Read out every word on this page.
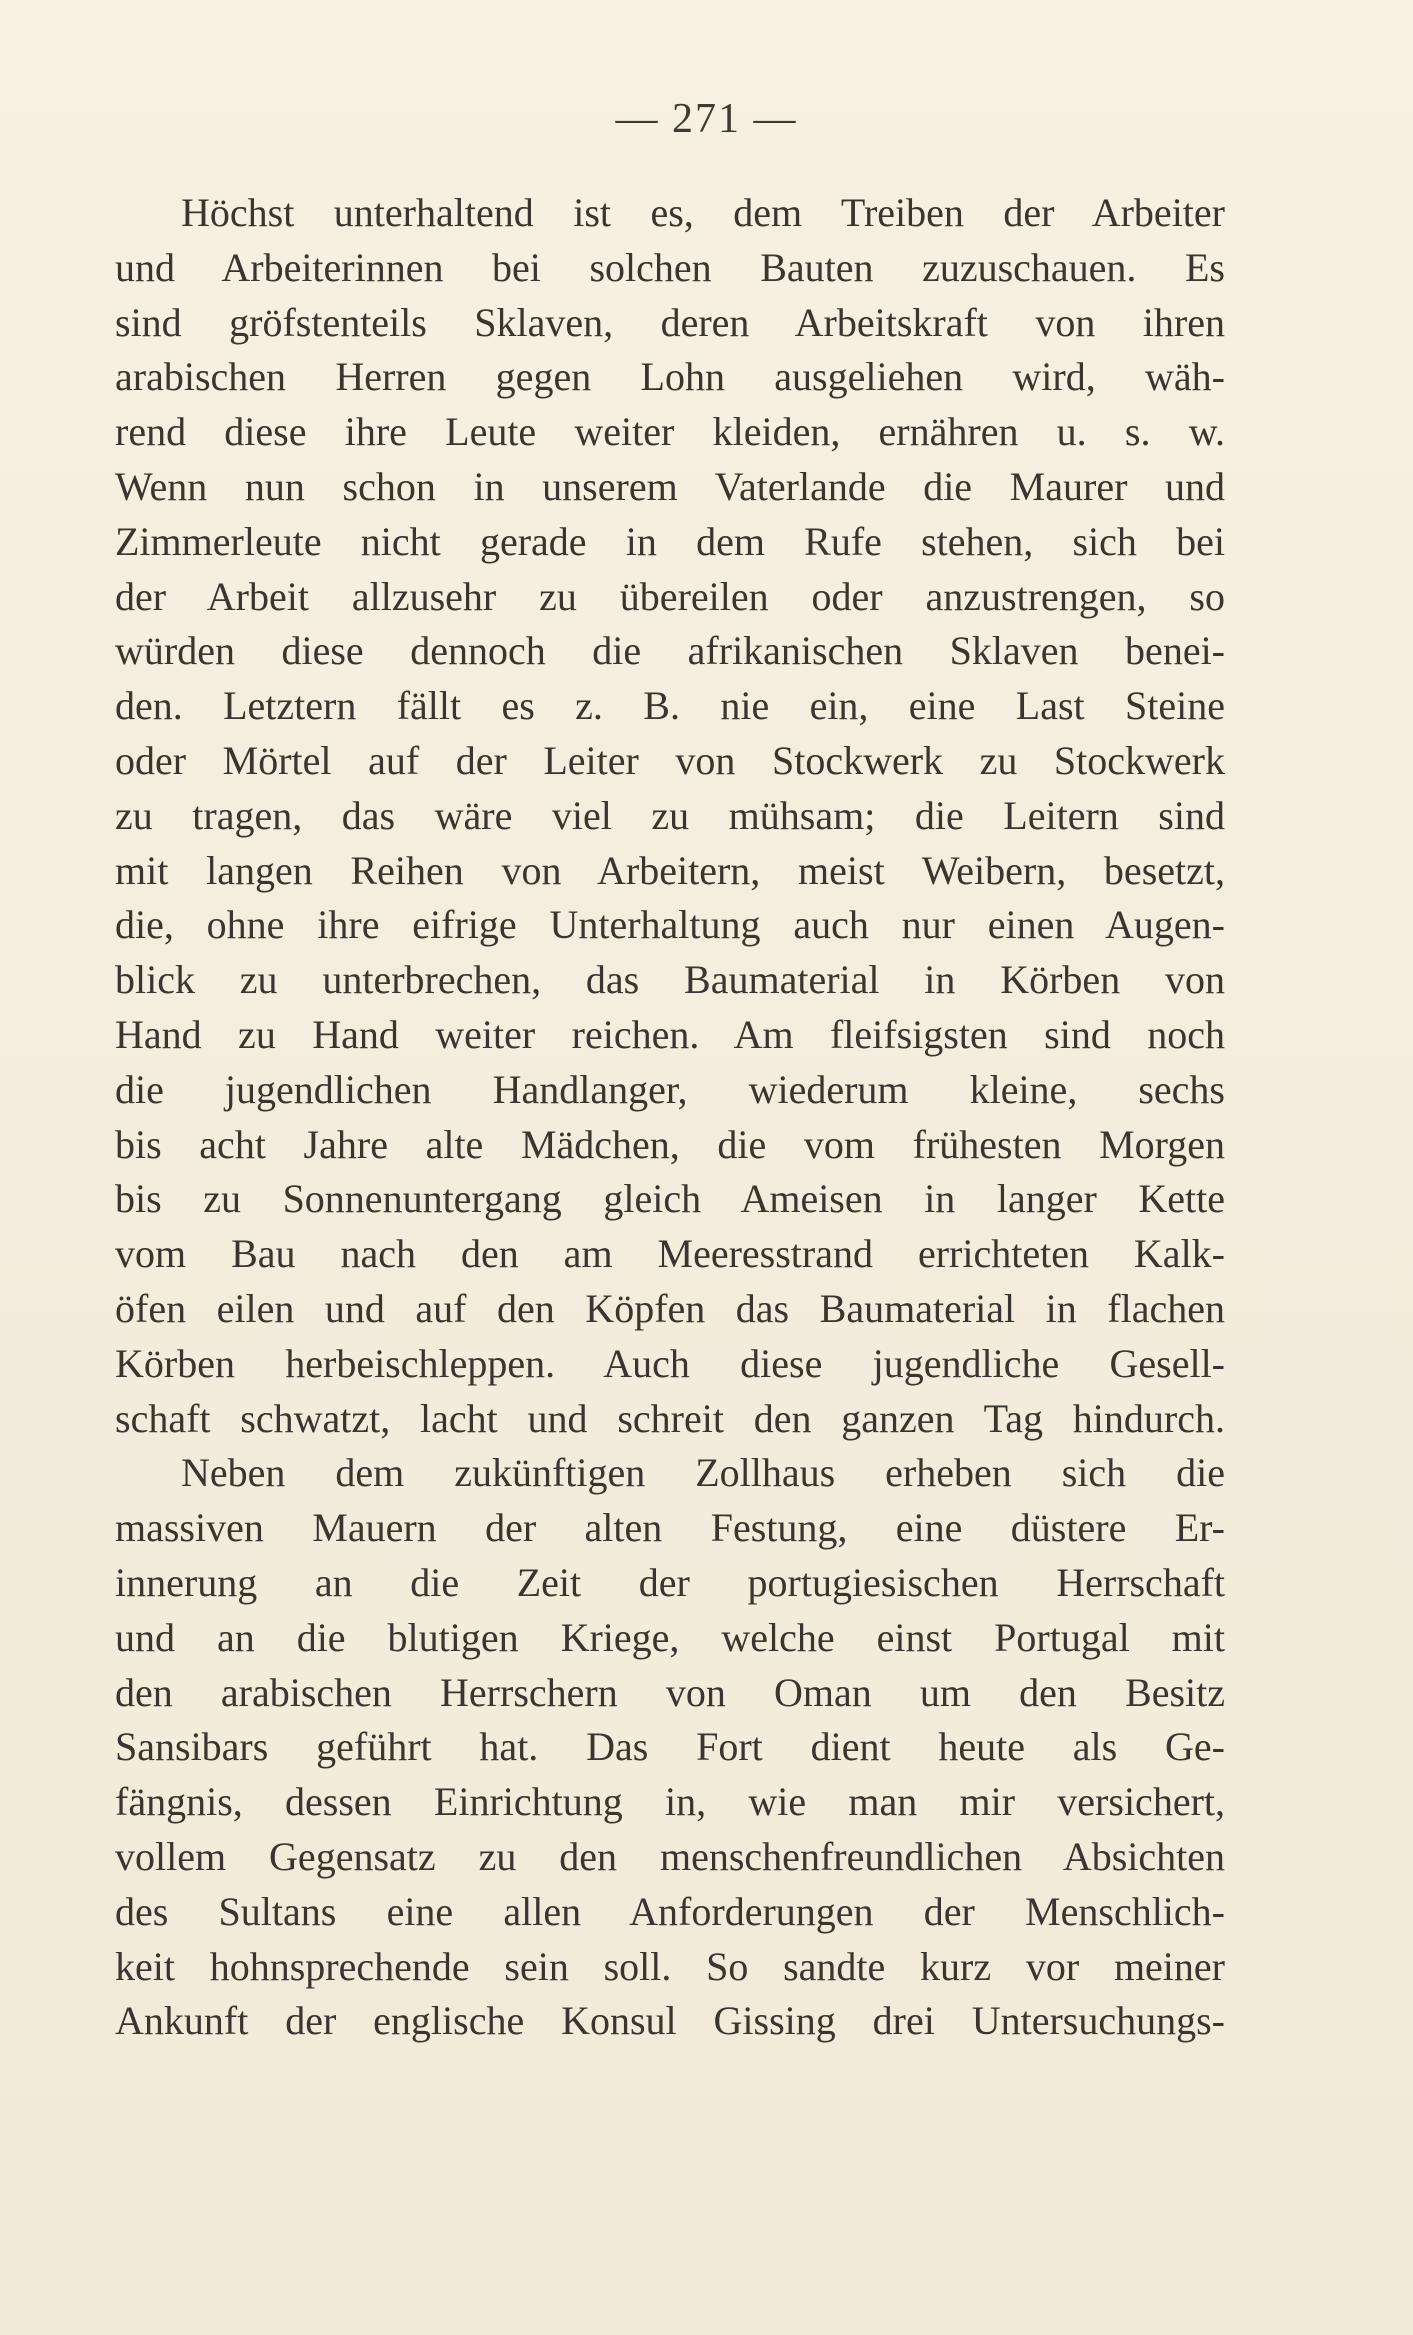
— 271 —
Höchst unterhaltend ist es, dem Treiben der Arbeiter
und Arbeiterinnen bei solchen Bauten zuzuschauen. Es
sind gröfstenteils Sklaven, deren Arbeitskraft von ihren
arabischen Herren gegen Lohn ausgeliehen wird, wäh-
rend diese ihre Leute weiter kleiden, ernähren u. s. w.
Wenn nun schon in unserem Vaterlande die Maurer und
Zimmerleute nicht gerade in dem Rufe stehen, sich bei
der Arbeit allzusehr zu übereilen oder anzustrengen, so
würden diese dennoch die afrikanischen Sklaven benei-
den. Letztern fällt es z. B. nie ein, eine Last Steine
oder Mörtel auf der Leiter von Stockwerk zu Stockwerk
zu tragen, das wäre viel zu mühsam; die Leitern sind
mit langen Reihen von Arbeitern, meist Weibern, besetzt,
die, ohne ihre eifrige Unterhaltung auch nur einen Augen-
blick zu unterbrechen, das Baumaterial in Körben von
Hand zu Hand weiter reichen. Am fleifsigsten sind noch
die jugendlichen Handlanger, wiederum kleine, sechs
bis acht Jahre alte Mädchen, die vom frühesten Morgen
bis zu Sonnenuntergang gleich Ameisen in langer Kette
vom Bau nach den am Meeresstrand errichteten Kalk-
öfen eilen und auf den Köpfen das Baumaterial in flachen
Körben herbeischleppen. Auch diese jugendliche Gesell-
schaft schwatzt, lacht und schreit den ganzen Tag hindurch.
Neben dem zukünftigen Zollhaus erheben sich die
massiven Mauern der alten Festung, eine düstere Er-
innerung an die Zeit der portugiesischen Herrschaft
und an die blutigen Kriege, welche einst Portugal mit
den arabischen Herrschern von Oman um den Besitz
Sansibars geführt hat. Das Fort dient heute als Ge-
fängnis, dessen Einrichtung in, wie man mir versichert,
vollem Gegensatz zu den menschenfreundlichen Absichten
des Sultans eine allen Anforderungen der Menschlich-
keit hohnsprechende sein soll. So sandte kurz vor meiner
Ankunft der englische Konsul Gissing drei Untersuchungs-
